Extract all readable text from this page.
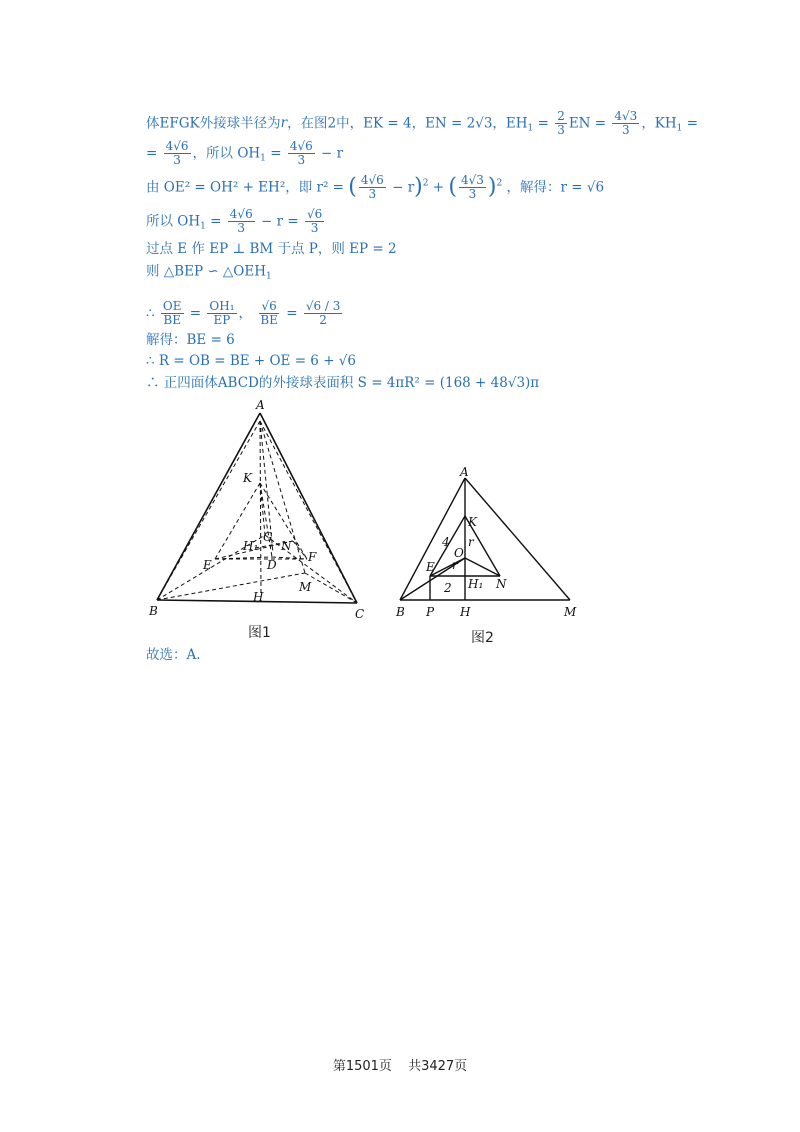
体EFGK外接球半径为r，在图2中，EK = 4，EN = 2√3，$EH_1 = \frac{2}{3}$ EN = $\frac{4√3}{3}$ ，$KH_1$ =
= $\frac{4√6}{3}$ ，所以 $OH_1 = \frac{4√6}{3} - r$
由 OE² = OH² + EH²，即 r² = ( $\frac{4√6}{3} - r)^2$ + ( $\frac{4√3}{3} )^2$ ，解得：r = √6
所以 $OH_1 = \frac{4√6}{3} - r = \frac{√6}{3}$
过点 E 作 EP ⊥ BM 于点 P，则 EP = 2
则 △BEP ∽ $\triangle OEH_1$
∴ $\frac{OE}{BE} = \frac{\text{OH₁}}{EP}$ ， $\frac{√6}{BE} = \frac{√6 / 3}{2}$
解得：BE = 6
∴ R = OB = BE + OE = 6 + √6
∴ 正四面体ABCD的外接球表面积 S = 4πR² = (168 + 48√3)π
A
B	C
K
G
H₁ N
E	D
F
M
H
图1
A
K
r
4
O
r
E
2 H₁ N
B P H	M
图2
故选：A.
第1501页 共3427页
